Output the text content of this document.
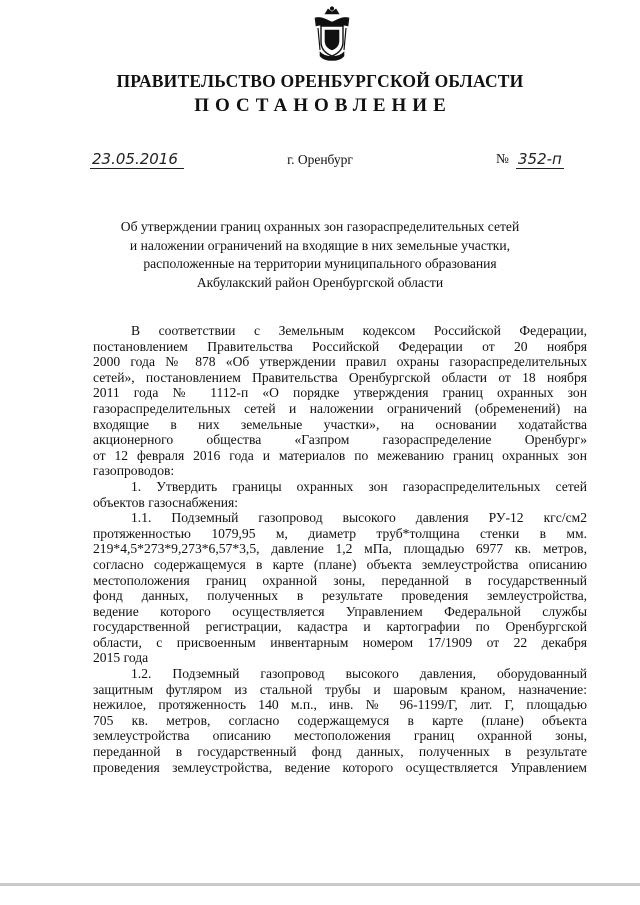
ПРАВИТЕЛЬСТВО ОРЕНБУРГСКОЙ ОБЛАСТИ
ПОСТАНОВЛЕНИЕ
23.05.2016	г. Оренбург	№ 352-п
Об утверждении границ охранных зон газораспределительных сетей
и наложении ограничений на входящие в них земельные участки,
расположенные на территории муниципального образования
Акбулакский район Оренбургской области
В соответствии с Земельным кодексом Российской Федерации,
постановлением Правительства Российской Федерации от 20 ноября
2000 года № 878 «Об утверждении правил охраны газораспределительных
сетей», постановлением Правительства Оренбургской области от 18 ноября
2011 года № 1112-п «О порядке утверждения границ охранных зон
газораспределительных сетей и наложении ограничений (обременений) на
входящие в них земельные участки», на основании ходатайства
акционерного общества «Газпром газораспределение Оренбург»
от 12 февраля 2016 года и материалов по межеванию границ охранных зон
газопроводов:
1. Утвердить границы охранных зон газораспределительных сетей
объектов газоснабжения:
1.1. Подземный газопровод высокого давления РУ-12 кгс/см2
протяженностью 1079,95 м, диаметр труб*толщина стенки в мм.
219*4,5*273*9,273*6,57*3,5, давление 1,2 мПа, площадью 6977 кв. метров,
согласно содержащемуся в карте (плане) объекта землеустройства описанию
местоположения границ охранной зоны, переданной в государственный
фонд данных, полученных в результате проведения землеустройства,
ведение которого осуществляется Управлением Федеральной службы
государственной регистрации, кадастра и картографии по Оренбургской
области, с присвоенным инвентарным номером 17/1909 от 22 декабря
2015 года
1.2. Подземный газопровод высокого давления, оборудованный
защитным футляром из стальной трубы и шаровым краном, назначение:
нежилое, протяженность 140 м.п., инв. № 96-1199/Г, лит. Г, площадью
705 кв. метров, согласно содержащемуся в карте (плане) объекта
землеустройства описанию местоположения границ охранной зоны,
переданной в государственный фонд данных, полученных в результате
проведения землеустройства, ведение которого осуществляется Управлением
